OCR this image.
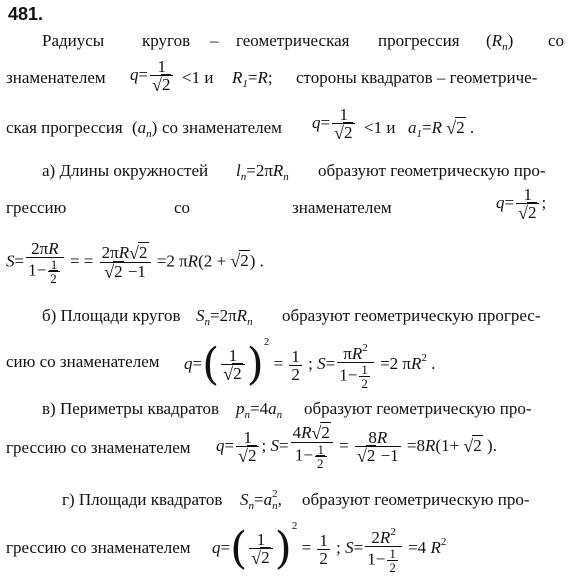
481.
Радиусы кругов – геометрическая прогрессия $(R_n)$ со
знаменателем $q= \frac{1}{√2} <1$ и $R_1=R$; стороны квадратов – геометриче-
ская прогрессия $(a_n)$ со знаменателем $q= \frac{1}{√2} <1$ и $a_1=R$ √2 .
а) Длины окружностей $l_n=2\pi R_n$ образуют геометрическую про-
грессию	со	знаменателем	$q= \frac{1}{√2}$ ;
$S= \frac{2\pi R}{1- \frac{1}{2}}$ = = $\frac{2\pi R√2}{√2 -1} =2$ πR(2 + √2) .
б) Площади кругов $S_n=2\pi R_n$ образуют геометрическую прогрес-
сию со знаменателем $q=( \frac{1}{√2} )^2 = \frac{1}{2}$ ; $S= \frac{\pi R^2}{1- \frac{1}{2}} =2$ $\pi R^2$ .
в) Периметры квадратов $p_n=4a_n$ образуют геометрическую про-
грессию со знаменателем $q= \frac{1}{√2}$ ; $S= \frac{4R√2}{1- \frac{1}{2}} = \frac{8R}{√2 -1} =8R(1+ √2$ ).
г) Площади квадратов $S_n=a$ 2
$_n$, образуют геометрическую про-
грессию со знаменателем $q=( \frac{1}{√2} )^2 = \frac{1}{2}$ ; $S= \frac{2R^2}{1- \frac{1}{2}} =4$ $R^2$
